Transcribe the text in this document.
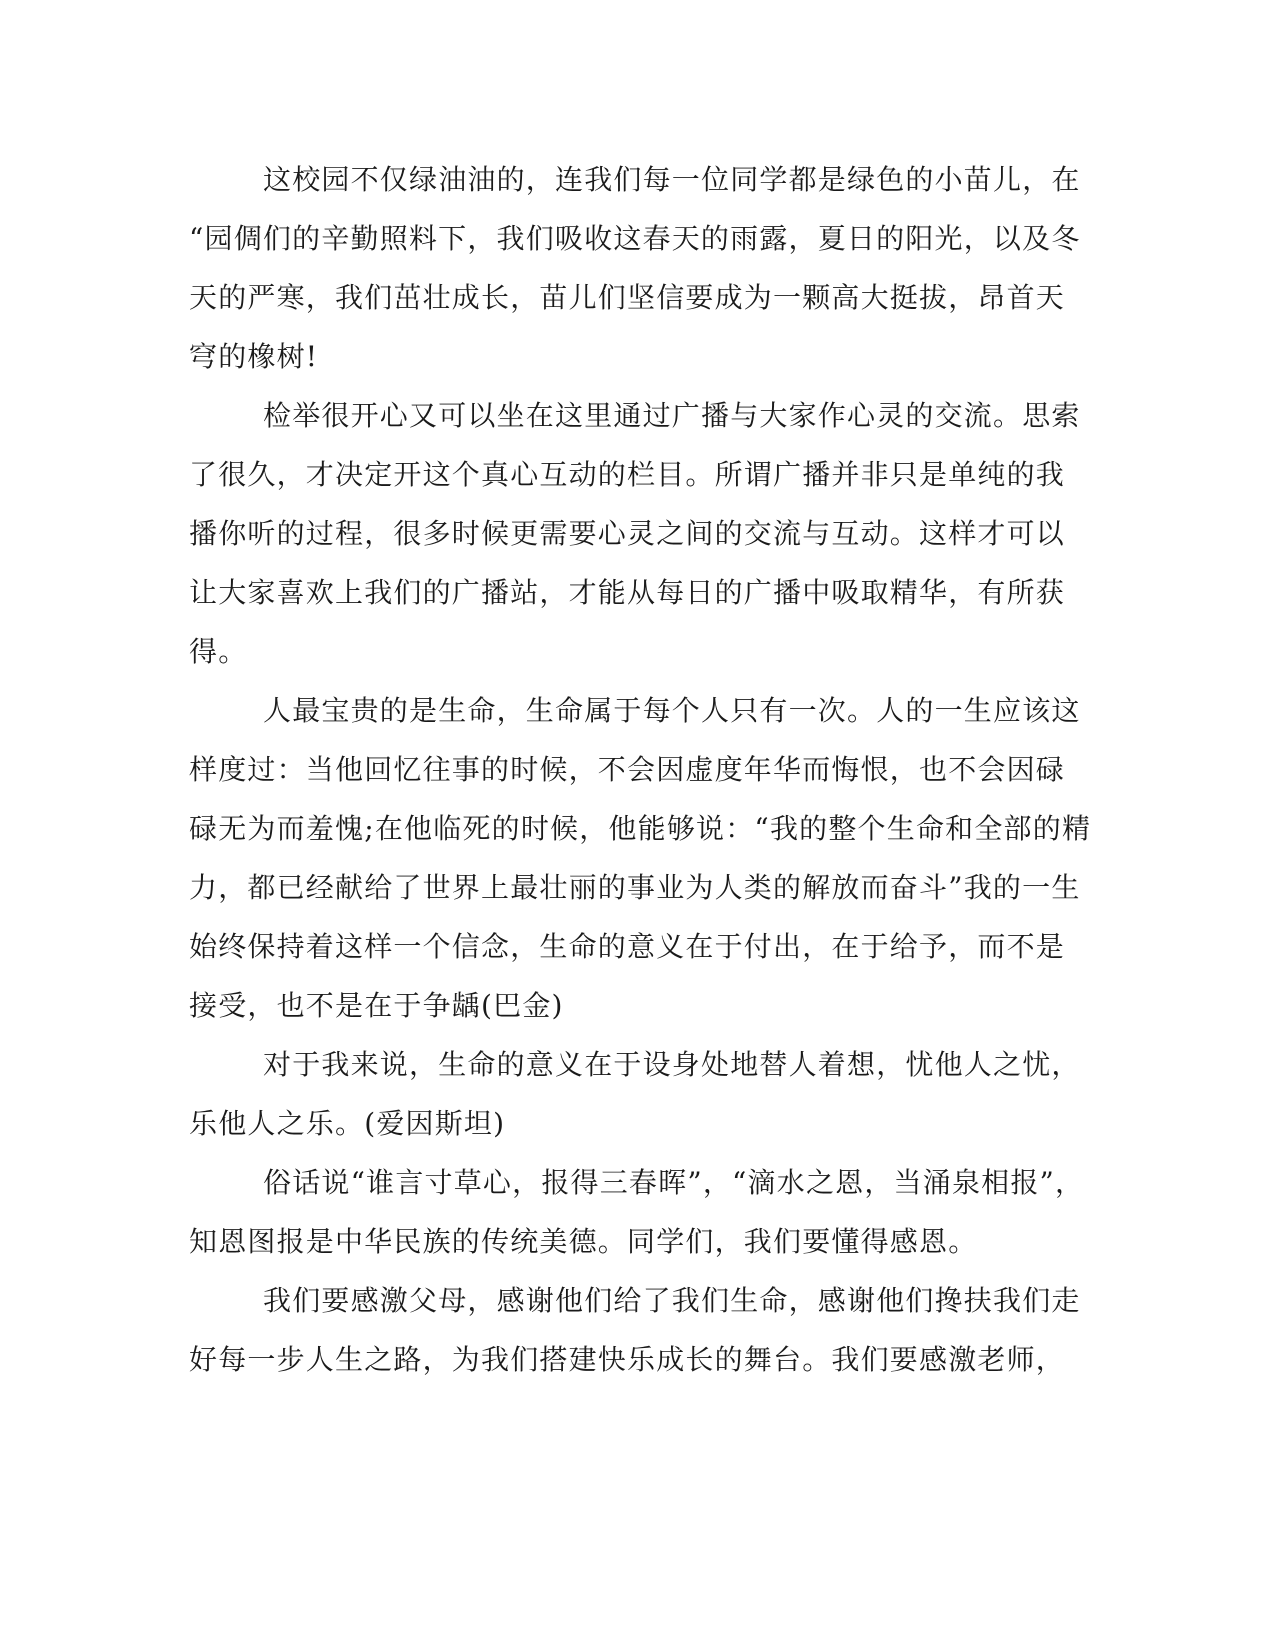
这校园不仅绿油油的，连我们每一位同学都是绿色的小苗儿，在
“园倜们的辛勤照料下，我们吸收这春天的雨露，夏日的阳光，以及冬
天的严寒，我们茁壮成长，苗儿们坚信要成为一颗高大挺拔，昂首天
穹的橡树!
检举很开心又可以坐在这里通过广播与大家作心灵的交流。思索
了很久，才决定开这个真心互动的栏目。所谓广播并非只是单纯的我
播你听的过程，很多时候更需要心灵之间的交流与互动。这样才可以
让大家喜欢上我们的广播站，才能从每日的广播中吸取精华，有所获
得。
人最宝贵的是生命，生命属于每个人只有一次。人的一生应该这
样度过：当他回忆往事的时候，不会因虚度年华而悔恨，也不会因碌
碌无为而羞愧;在他临死的时候，他能够说：“我的整个生命和全部的精
力，都已经献给了世界上最壮丽的事业为人类的解放而奋斗”我的一生
始终保持着这样一个信念，生命的意义在于付出，在于给予，而不是
接受，也不是在于争龋(巴金)
对于我来说，生命的意义在于设身处地替人着想，忧他人之忧，
乐他人之乐。(爱因斯坦)
俗话说“谁言寸草心，报得三春晖”，“滴水之恩，当涌泉相报”，
知恩图报是中华民族的传统美德。同学们，我们要懂得感恩。
我们要感激父母，感谢他们给了我们生命，感谢他们搀扶我们走
好每一步人生之路，为我们搭建快乐成长的舞台。我们要感激老师，
